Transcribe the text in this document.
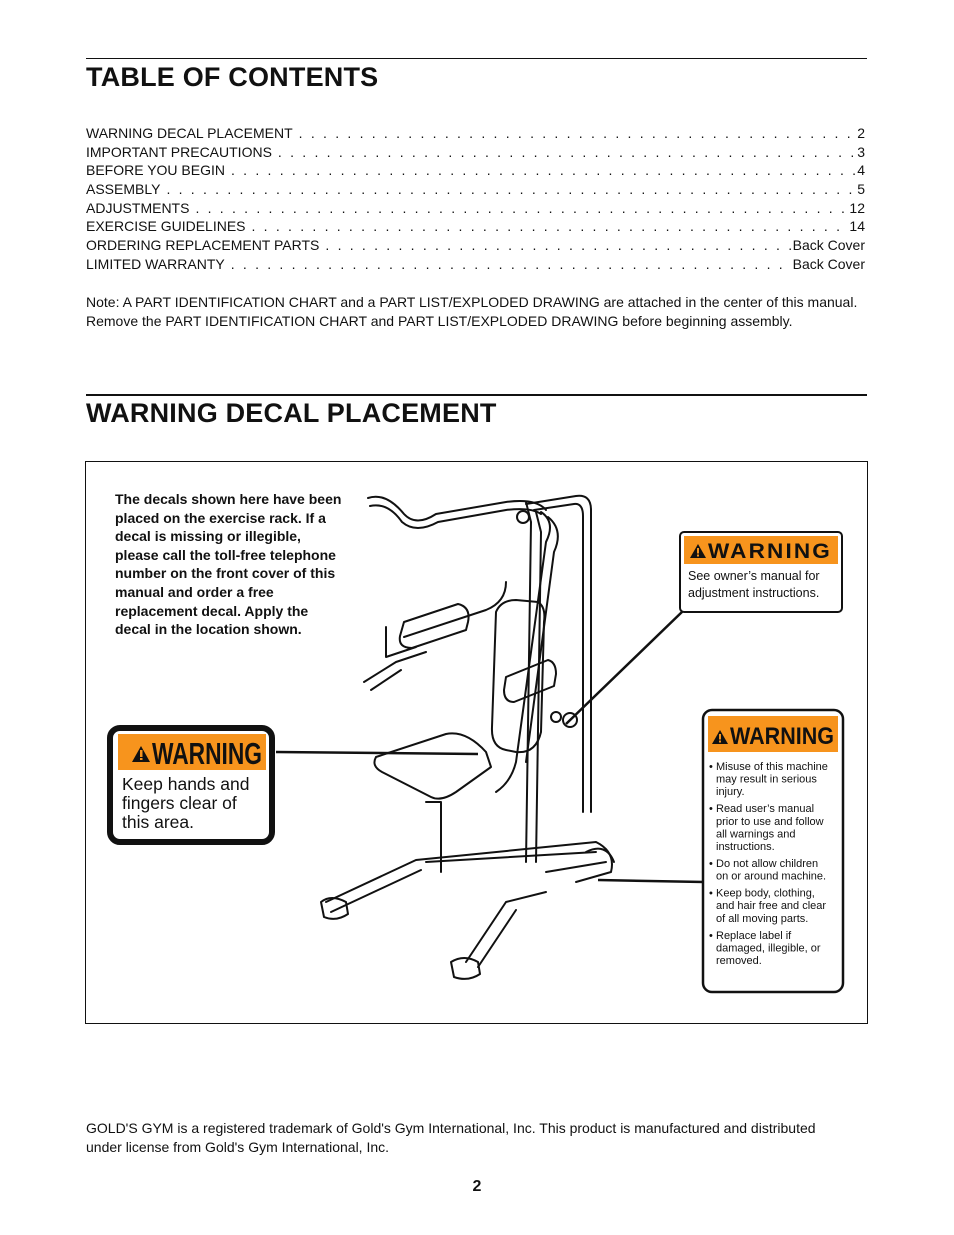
TABLE OF CONTENTS
WARNING DECAL PLACEMENT . . .	2
IMPORTANT PRECAUTIONS . . .	3
BEFORE YOU BEGIN . . .	4
ASSEMBLY . . .	5
ADJUSTMENTS . . .	12
EXERCISE GUIDELINES . . .	14
ORDERING REPLACEMENT PARTS . . .	Back Cover
LIMITED WARRANTY . . .	Back Cover

Note: A PART IDENTIFICATION CHART and a PART LIST/EXPLODED DRAWING are attached in the center of this manual. Remove the PART IDENTIFICATION CHART and PART LIST/EXPLODED DRAWING before beginning assembly.

WARNING DECAL PLACEMENT
The decals shown here have been placed on the exercise rack. If a decal is missing or illegible, please call the toll-free telephone number on the front cover of this manual and order a free replacement decal. Apply the decal in the location shown.
WARNING
Keep hands and
fingers clear of
this area.
WARNING
See owner’s manual for
adjustment instructions.
WARNING
• Misuse of this machine
may result in serious
injury.
• Read user’s manual
prior to use and follow
all warnings and
instructions.
• Do not allow children
on or around machine.
• Keep body, clothing,
and hair free and clear
of all moving parts.
• Replace label if
damaged, illegible, or
removed.

GOLD'S GYM is a registered trademark of Gold's Gym International, Inc. This product is manufactured and distributed under license from Gold's Gym International, Inc.

2
